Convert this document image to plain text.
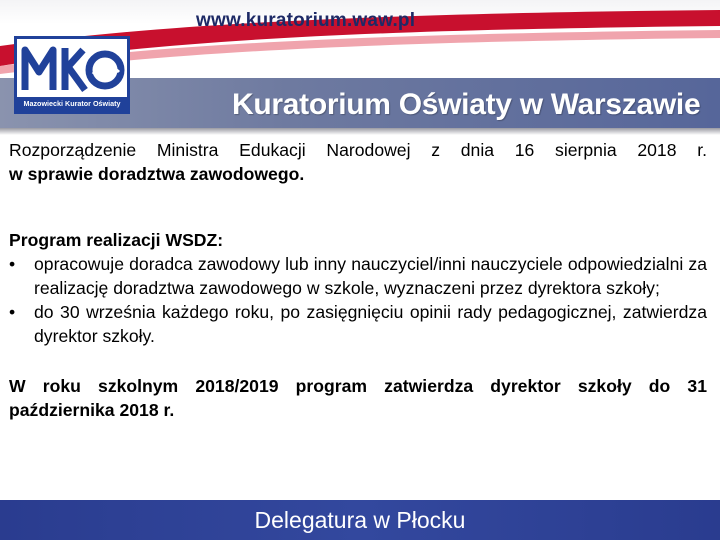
www.kuratorium.waw.pl
Mazowiecki Kurator Oświaty	Kuratorium Oświaty w Warszawie

Rozporządzenie Ministra Edukacji Narodowej z dnia 16 sierpnia 2018 r.
w sprawie doradztwa zawodowego.

Program realizacji WSDZ:

• opracowuje doradca zawodowy lub inny nauczyciel/inni nauczyciele odpowiedzialni za realizację doradztwa zawodowego w szkole, wyznaczeni przez dyrektora szkoły;
• do 30 września każdego roku, po zasięgnięciu opinii rady pedagogicznej, zatwierdza dyrektor szkoły.

W roku szkolnym 2018/2019 program zatwierdza dyrektor szkoły do 31 października 2018 r.

Delegatura w Płocku
